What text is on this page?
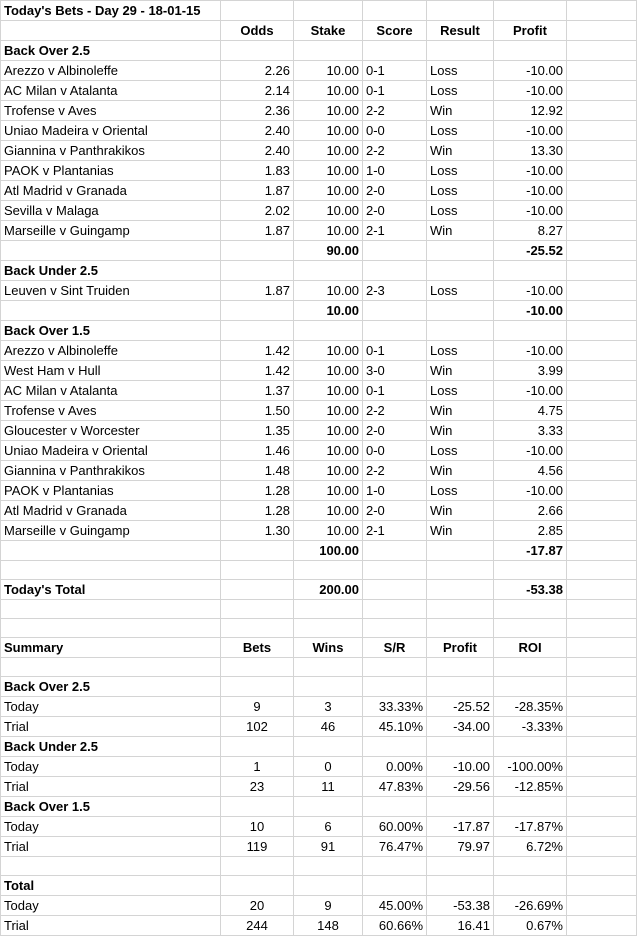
Today's Bets - Day 29 - 18-01-15						
	Odds	Stake	Score	Result	Profit	
Back Over 2.5						
Arezzo v Albinoleffe	2.26	10.00	0-1	Loss	-10.00	
AC Milan v Atalanta	2.14	10.00	0-1	Loss	-10.00	
Trofense v Aves	2.36	10.00	2-2	Win	12.92	
Uniao Madeira v Oriental	2.40	10.00	0-0	Loss	-10.00	
Giannina v Panthrakikos	2.40	10.00	2-2	Win	13.30	
PAOK v Plantanias	1.83	10.00	1-0	Loss	-10.00	
Atl Madrid v Granada	1.87	10.00	2-0	Loss	-10.00	
Sevilla v Malaga	2.02	10.00	2-0	Loss	-10.00	
Marseille v Guingamp	1.87	10.00	2-1	Win	8.27	
		90.00			-25.52	
Back Under 2.5						
Leuven v Sint Truiden	1.87	10.00	2-3	Loss	-10.00	
		10.00			-10.00	
Back Over 1.5						
Arezzo v Albinoleffe	1.42	10.00	0-1	Loss	-10.00	
West Ham v Hull	1.42	10.00	3-0	Win	3.99	
AC Milan v Atalanta	1.37	10.00	0-1	Loss	-10.00	
Trofense v Aves	1.50	10.00	2-2	Win	4.75	
Gloucester v Worcester	1.35	10.00	2-0	Win	3.33	
Uniao Madeira v Oriental	1.46	10.00	0-0	Loss	-10.00	
Giannina v Panthrakikos	1.48	10.00	2-2	Win	4.56	
PAOK v Plantanias	1.28	10.00	1-0	Loss	-10.00	
Atl Madrid v Granada	1.28	10.00	2-0	Win	2.66	
Marseille v Guingamp	1.30	10.00	2-1	Win	2.85	
		100.00			-17.87	

Today's Total		200.00			-53.38	

Summary	Bets	Wins	S/R	Profit	ROI	

Back Over 2.5						
Today	9	3	33.33%	-25.52	-28.35%	
Trial	102	46	45.10%	-34.00	-3.33%	
Back Under 2.5						
Today	1	0	0.00%	-10.00	-100.00%	
Trial	23	11	47.83%	-29.56	-12.85%	
Back Over 1.5						
Today	10	6	60.00%	-17.87	-17.87%	
Trial	119	91	76.47%	79.97	6.72%	

Total						
Today	20	9	45.00%	-53.38	-26.69%	
Trial	244	148	60.66%	16.41	0.67%	
